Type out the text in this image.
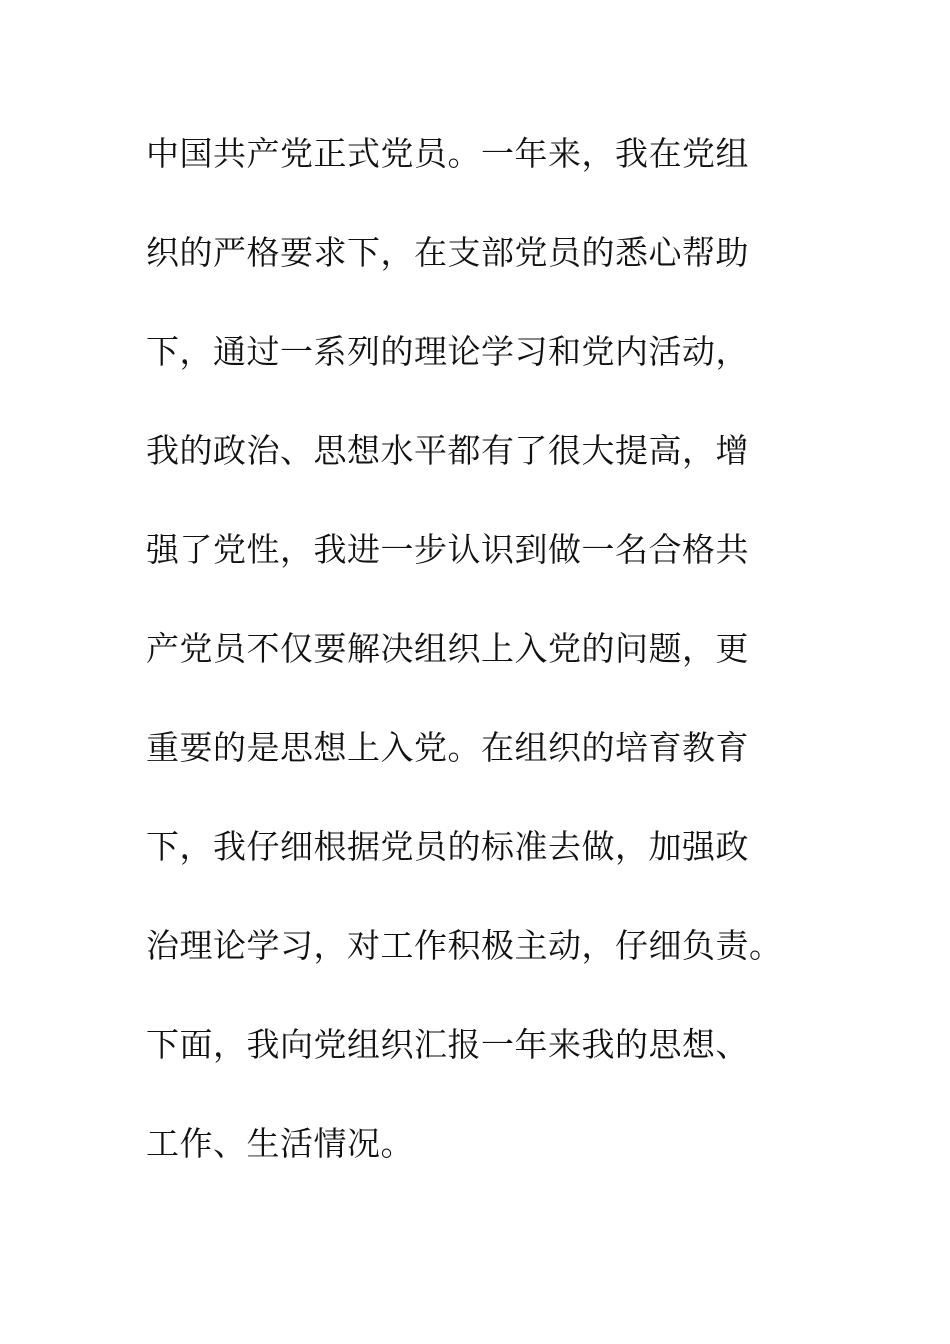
中国共产党正式党员。一年来，我在党组
织的严格要求下，在支部党员的悉心帮助
下，通过一系列的理论学习和党内活动，
我的政治、思想水平都有了很大提高，增
强了党性，我进一步认识到做一名合格共
产党员不仅要解决组织上入党的问题，更
重要的是思想上入党。在组织的培育教育
下，我仔细根据党员的标准去做，加强政
治理论学习，对工作积极主动，仔细负责。
下面，我向党组织汇报一年来我的思想、
工作、生活情况。
